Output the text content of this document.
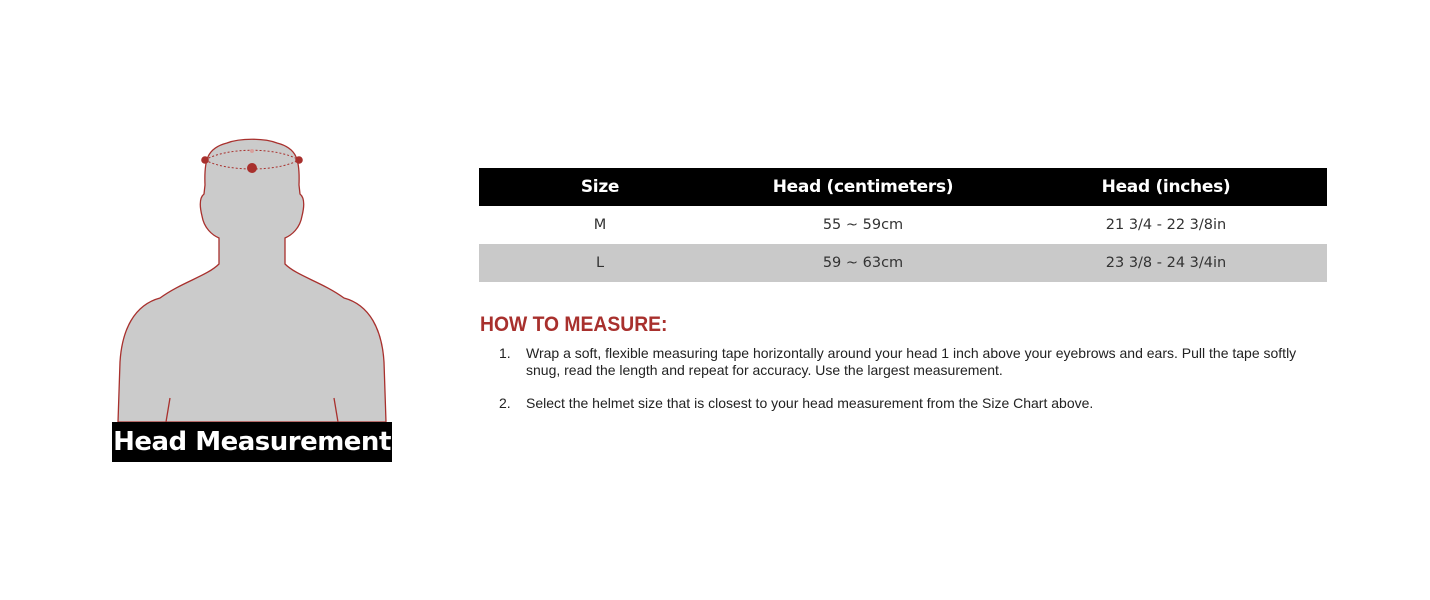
Head Measurement
Size	Head (centimeters)	Head (inches)
M	55 ~ 59cm	21 3/4 - 22 3/8in
L	59 ~ 63cm	23 3/8 - 24 3/4in
HOW TO MEASURE:
1. Wrap a soft, flexible measuring tape horizontally around your head 1 inch above your eyebrows and ears. Pull the tape softly snug, read the length and repeat for accuracy. Use the largest measurement.
2. Select the helmet size that is closest to your head measurement from the Size Chart above.
